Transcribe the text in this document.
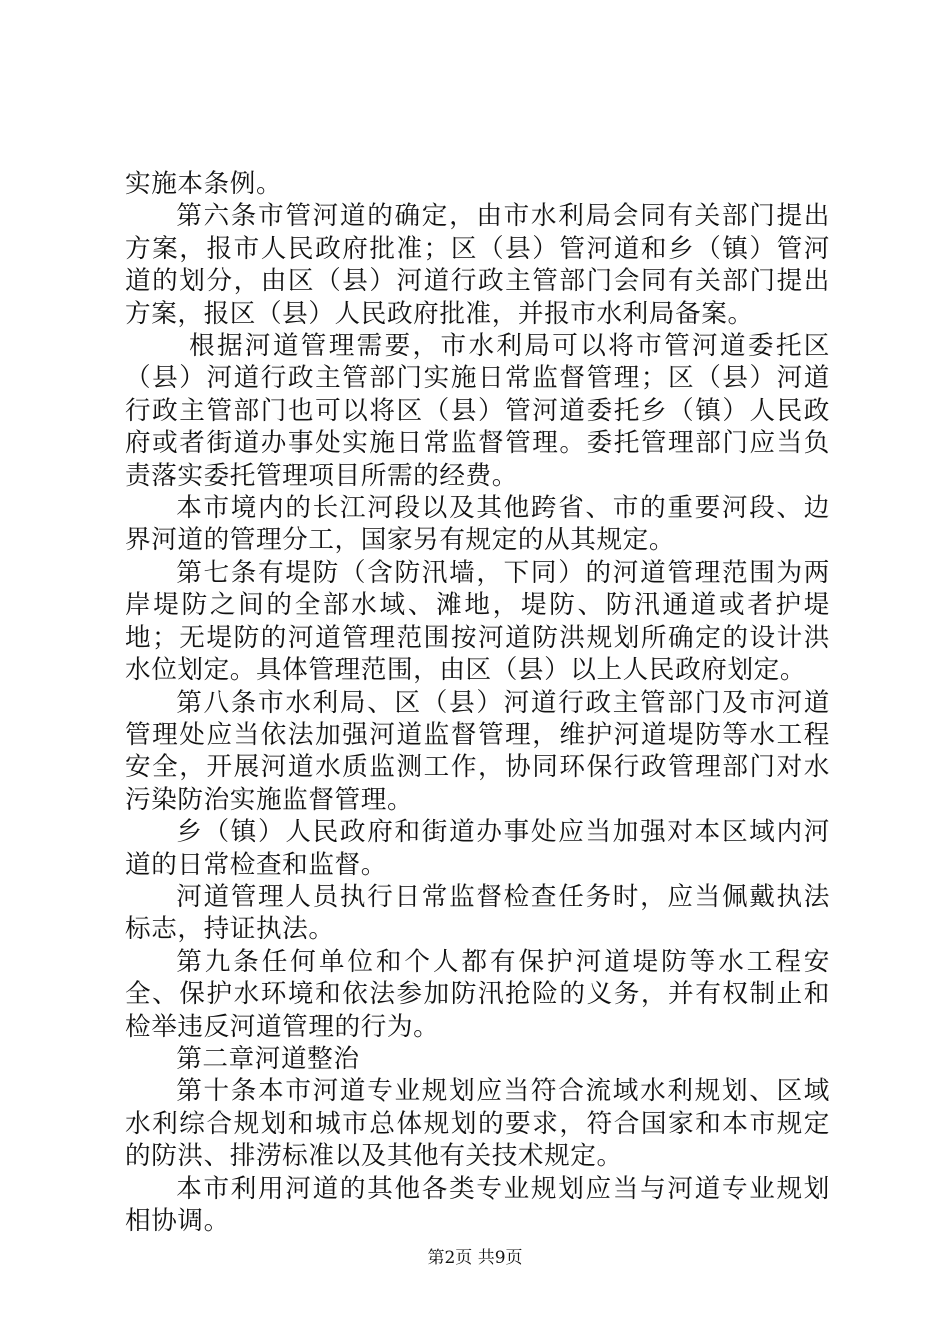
实施本条例。

第六条市管河道的确定，由市水利局会同有关部门提出方案，报市人民政府批准；区（县）管河道和乡（镇）管河道的划分，由区（县）河道行政主管部门会同有关部门提出方案，报区（县）人民政府批准，并报市水利局备案。

根据河道管理需要，市水利局可以将市管河道委托区（县）河道行政主管部门实施日常监督管理；区（县）河道行政主管部门也可以将区（县）管河道委托乡（镇）人民政府或者街道办事处实施日常监督管理。委托管理部门应当负责落实委托管理项目所需的经费。

本市境内的长江河段以及其他跨省、市的重要河段、边界河道的管理分工，国家另有规定的从其规定。

第七条有堤防（含防汛墙，下同）的河道管理范围为两岸堤防之间的全部水域、滩地，堤防、防汛通道或者护堤地；无堤防的河道管理范围按河道防洪规划所确定的设计洪水位划定。具体管理范围，由区（县）以上人民政府划定。

第八条市水利局、区（县）河道行政主管部门及市河道管理处应当依法加强河道监督管理，维护河道堤防等水工程安全，开展河道水质监测工作，协同环保行政管理部门对水污染防治实施监督管理。

乡（镇）人民政府和街道办事处应当加强对本区域内河道的日常检查和监督。

河道管理人员执行日常监督检查任务时，应当佩戴执法标志，持证执法。

第九条任何单位和个人都有保护河道堤防等水工程安全、保护水环境和依法参加防汛抢险的义务，并有权制止和检举违反河道管理的行为。

第二章河道整治

第十条本市河道专业规划应当符合流域水利规划、区域水利综合规划和城市总体规划的要求，符合国家和本市规定的防洪、排涝标准以及其他有关技术规定。

本市利用河道的其他各类专业规划应当与河道专业规划相协调。

第2页 共9页
